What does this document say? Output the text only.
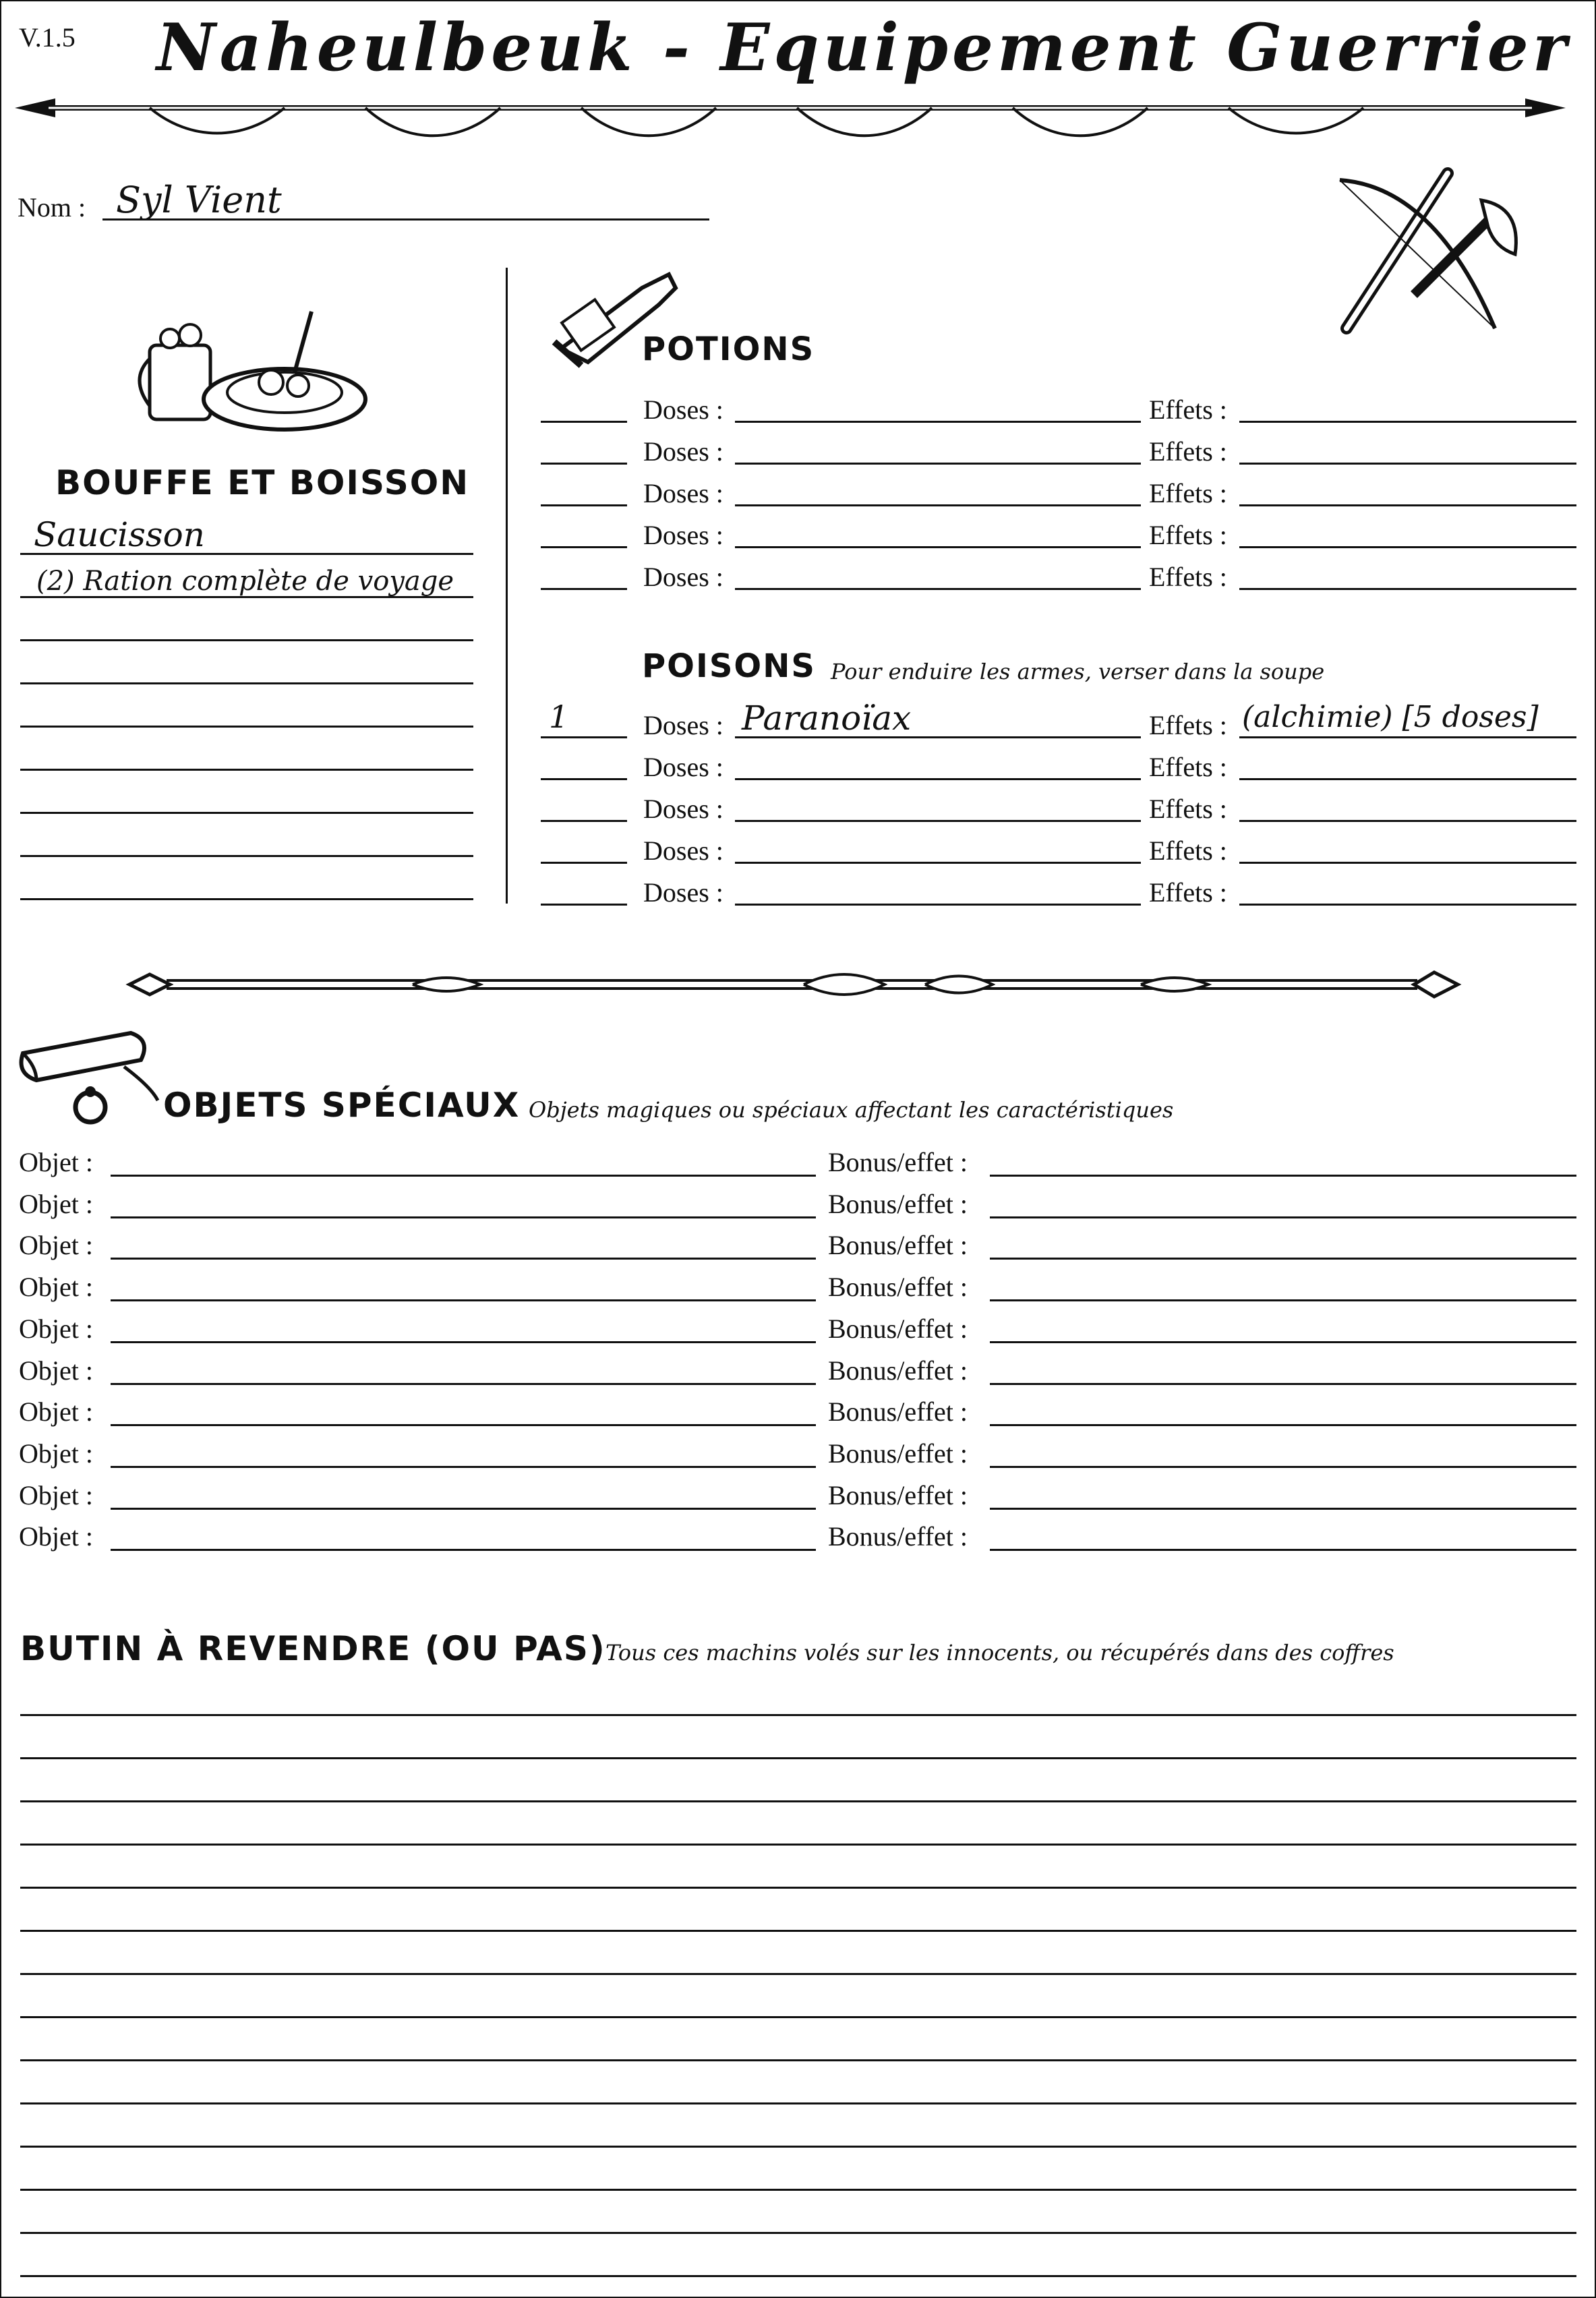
V.1.5 Naheulbeuk - Equipement Guerrier
Nom : Syl Vient
BOUFFE ET BOISSON
Saucisson
(2) Ration complète de voyage
POTIONS
Doses :	Effets :
Doses :	Effets :
Doses :	Effets :
Doses :	Effets :
Doses :	Effets :
POISONS Pour enduire les armes, verser dans la soupe
1	Doses : Paranoïax	Effets : (alchimie) [5 doses]
Doses :	Effets :
Doses :	Effets :
Doses :	Effets :
Doses :	Effets :
OBJETS SPÉCIAUX Objets magiques ou spéciaux affectant les caractéristiques
Objet :	Bonus/effet :
Objet :	Bonus/effet :
Objet :	Bonus/effet :
Objet :	Bonus/effet :
Objet :	Bonus/effet :
Objet :	Bonus/effet :
Objet :	Bonus/effet :
Objet :	Bonus/effet :
Objet :	Bonus/effet :
Objet :	Bonus/effet :
BUTIN À REVENDRE (OU PAS) Tous ces machins volés sur les innocents, ou récupérés dans des coffres
